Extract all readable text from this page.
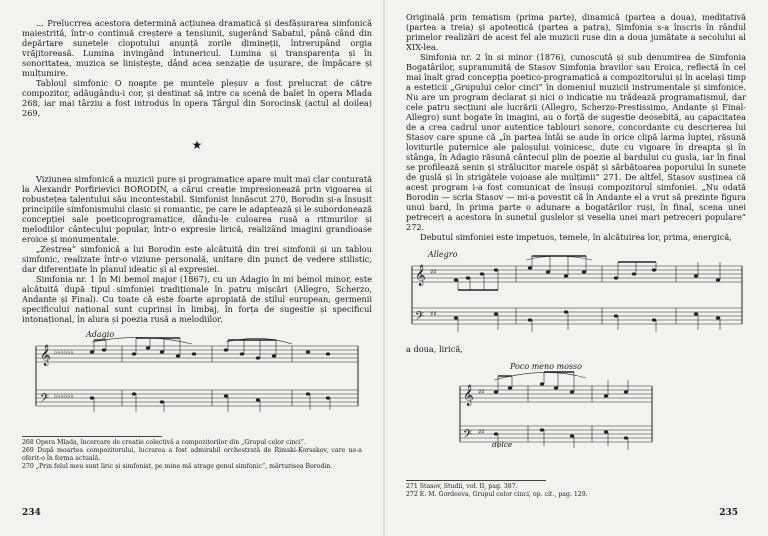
... Prelucrrea acestora determină acțiunea dramatică și desfășurarea simfonică maiestrită, într-o continuă creștere a tensiunii, sugerând Sabatul, până când din depărtare sunetele clopotului anunță zorile dimineții, întrerupând orgia vrăjitoreasă. Lumina invingând întunericul. Lumina și transparența și în sonoritatea, muzica se liniștește, dând acea senzație de ușurare, de împăcare și mulțumire.

Tabloul simfonic O noapte pe muntele pleșuv a fost prelucrat de către compozitor, adăugându-i cor, și destinat să intre ca scenă de balet în opera Mlada 268, iar mai târziu a fost introdus în opera Târgul din Sorocinsk (actul al doilea) 269.

★

Viziunea simfonică a muzicii pure și programatice apare mult mai clar conturată la Alexandr Porfirievici BORODIN, a cărui creație impresionează prin vigoarea și robustețea talentului său incontestabil. Simfonist înnăscut 270, Borodin și-a însușit principiile simfonismului clasic și romantic, pe care le adaptează și le subordonează concepției sale poeticoprogramatice, dându-le culoarea rusă a ritmurilor și melodiilor cântecului popular, într-o expresie lirică, realizând imagini grandioase eroice și monumentale.

„Zestrea” simfonică a lui Borodin este alcătuită din trei simfonii și un tablou simfonic, realizate într-o viziune personală, unitare din punct de vedere stilistic, dar diferențiate în planul ideatic și al expresiei.

Simfonia nr. 1 în Mi bemol major (1867), cu un Adagio în mi bemol minor, este alcătuită după tipul simfoniei tradiționale în patru mișcări (Allegro, Scherzo, Andante și Final). Cu toate că este foarte apropiată de stilul european, germenii specificului național sunt cuprinși în limbaj, în forța de sugestie și specificul intonațional, în alura și poezia rusă a melodiilor.

Adagio
𝄞
𝄢
♭♭♭♭♭♭
♭♭♭♭♭♭

268 Opera Mlada, încercare de creație colectivă a compozitorilor din „Grupul celor cinci”.

269 După moartea compozitorului, lucrarea a fost admirabil orchestrată de Rimski-Korsakov, care ne-a oferit-o în forma actuală.

270 „Prin felul meu sunt liric și simfonist, pe mine mă atrage genul simfonic”, mărturisea Borodin.

234

Originală prin tematism (prima parte), dinamică (partea a doua), meditativă (partea a treia) și apoteotică (partea a patra), Simfonia s-a înscris în rândul primelor realizări de acest fel ale muzicii ruse din a doua jumătate a secolului al XIX-lea.

Simfonia nr. 2 în si minor (1876), cunoscută și sub denumirea de Simfonia Bogatârilor, supranumită de Stasov Simfonia bravilor sau Eroica, reflectă în cel mai înalt grad concepția poetico-programatică a compozitorului și în același timp a esteticii „Grupului celor cinci” în domeniul muzicii instrumentale și simfonice. Nu are un program declarat și nici o indicație nu trădează programatismul, dar cele patru secțiuni ale lucrării (Allegro, Scherzo-Prestissimo, Andante și Final-Allegro) sunt bogate în imagini, au o forță de sugestie deosebită, au capacitatea de a crea cadrul unor autentice tablouri sonore, concordante cu descrierea lui Stasov care spune că „în partea întâi se aude în orice clipă larma luptei, răsună loviturile puternice ale paloșului voinicesc, dute cu vigoare în dreapta și în stânga, în Adagio răsună cântecul plin de poezie al bardului cu gusla, iar în final se profilează senin și strălucitor marele ospăț și sărbătoarea poporului în sunete de guslă și în strigătele voioase ale mulțimii” 271. De altfel, Stasov susținea că acest program i-a fost comunicat de însuși compozitorul simfoniei. „Nu odată Borodin — scria Stasov — mi-a povestit că în Andante el a vrut să prezinte figura unui bard, în prima parte o adunare a bogatârilor ruși, în final, scena unei petreceri a acestora în sunetul guslelor și veselia unei mari petreceri populare” 272.

Debutul simfoniei este impetuos, temele, în alcătuirea lor, prima, energică,

Allegro
𝄞
𝄢
♯♯
♯♯

a doua, lirică,

Poco meno mosso
dolce
𝄞
𝄢
♯♯
♯♯

271 Stasov, Studii, vol. II, pag. 387.

272 E. M. Gordeeva, Grupul celor cinci, op. cit., pag. 129.

235
